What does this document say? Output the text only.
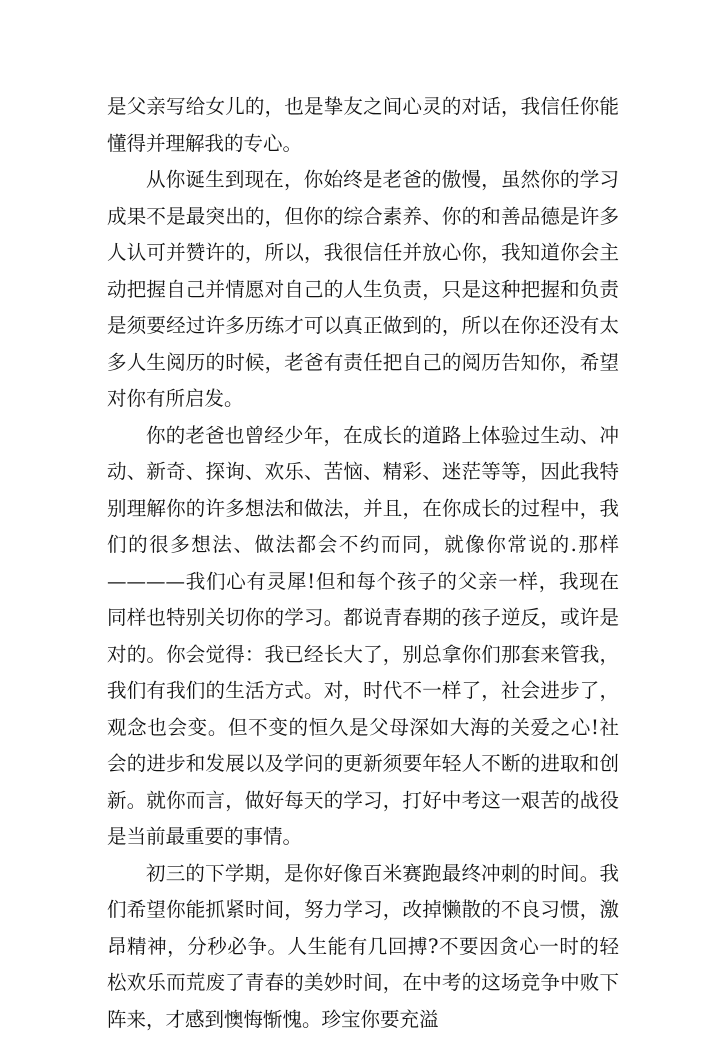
是父亲写给女儿的，也是挚友之间心灵的对话，我信任你能懂得并理解我的专心。

从你诞生到现在，你始终是老爸的傲慢，虽然你的学习成果不是最突出的，但你的综合素养、你的和善品德是许多人认可并赞许的，所以，我很信任并放心你，我知道你会主动把握自己并情愿对自己的人生负责，只是这种把握和负责是须要经过许多历练才可以真正做到的，所以在你还没有太多人生阅历的时候，老爸有责任把自己的阅历告知你，希望对你有所启发。

你的老爸也曾经少年，在成长的道路上体验过生动、冲动、新奇、探询、欢乐、苦恼、精彩、迷茫等等，因此我特别理解你的许多想法和做法，并且，在你成长的过程中，我们的很多想法、做法都会不约而同，就像你常说的.那样————我们心有灵犀!但和每个孩子的父亲一样，我现在同样也特别关切你的学习。都说青春期的孩子逆反，或许是对的。你会觉得：我已经长大了，别总拿你们那套来管我，我们有我们的生活方式。对，时代不一样了，社会进步了，观念也会变。但不变的恒久是父母深如大海的关爱之心!社会的进步和发展以及学问的更新须要年轻人不断的进取和创新。就你而言，做好每天的学习，打好中考这一艰苦的战役是当前最重要的事情。

初三的下学期，是你好像百米赛跑最终冲刺的时间。我们希望你能抓紧时间，努力学习，改掉懒散的不良习惯，激昂精神，分秒必争。人生能有几回搏?不要因贪心一时的轻松欢乐而荒废了青春的美妙时间，在中考的这场竞争中败下阵来，才感到懊悔惭愧。珍宝你要充溢
